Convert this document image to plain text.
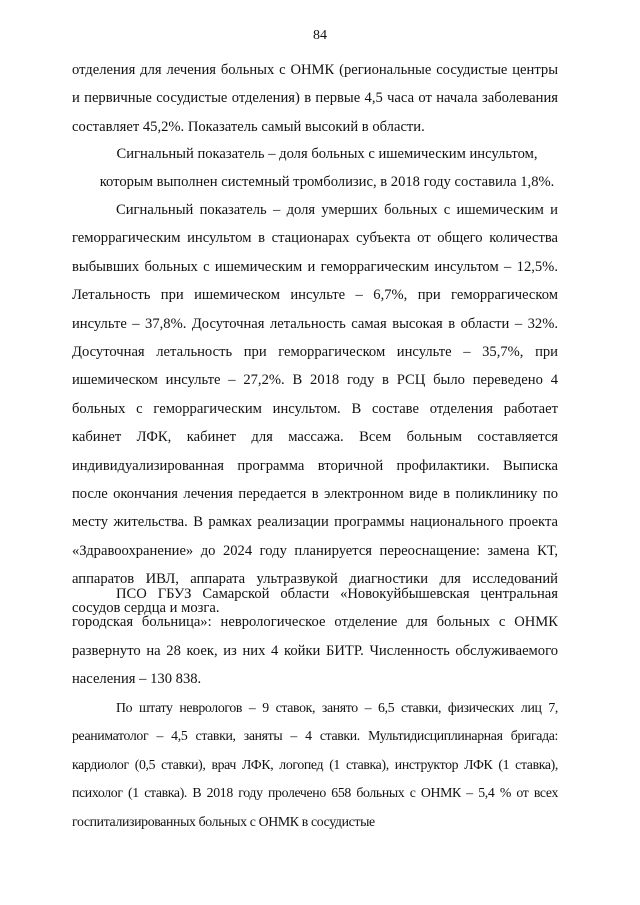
84

отделения для лечения больных с ОНМК (региональные сосудистые центры и первичные сосудистые отделения) в первые 4,5 часа от начала заболевания составляет 45,2%. Показатель самый высокий в области.

Сигнальный показатель – доля больных с ишемическим инсультом, которым выполнен системный тромболизис, в 2018 году составила 1,8%.

Сигнальный показатель – доля умерших больных с ишемическим и геморрагическим инсультом в стационарах субъекта от общего количества выбывших больных с ишемическим и геморрагическим инсультом – 12,5%. Летальность при ишемическом инсульте – 6,7%, при геморрагическом инсульте – 37,8%. Досуточная летальность самая высокая в области – 32%. Досуточная летальность при геморрагическом инсульте – 35,7%, при ишемическом инсульте – 27,2%. В 2018 году в РСЦ было переведено 4 больных с геморрагическим инсультом. В составе отделения работает кабинет ЛФК, кабинет для массажа. Всем больным составляется индивидуализированная программа вторичной профилактики. Выписка после окончания лечения передается в электронном виде в поликлинику по месту жительства. В рамках реализации программы национального проекта «Здравоохранение» до 2024 году планируется переоснащение: замена КТ, аппаратов ИВЛ, аппарата ультразвукой диагностики для исследований сосудов сердца и мозга.

ПСО ГБУЗ Самарской области «Новокуйбышевская центральная городская больница»: неврологическое отделение для больных с ОНМК развернуто на 28 коек, из них 4 койки БИТР. Численность обслуживаемого населения – 130 838.

По штату неврологов – 9 ставок, занято – 6,5 ставки, физических лиц 7, реаниматолог – 4,5 ставки, заняты – 4 ставки. Мультидисциплинарная бригада: кардиолог (0,5 ставки), врач ЛФК, логопед (1 ставка), инструктор ЛФК (1 ставка), психолог (1 ставка). В 2018 году пролечено 658 больных с ОНМК – 5,4 % от всех госпитализированных больных с ОНМК в сосудистые
